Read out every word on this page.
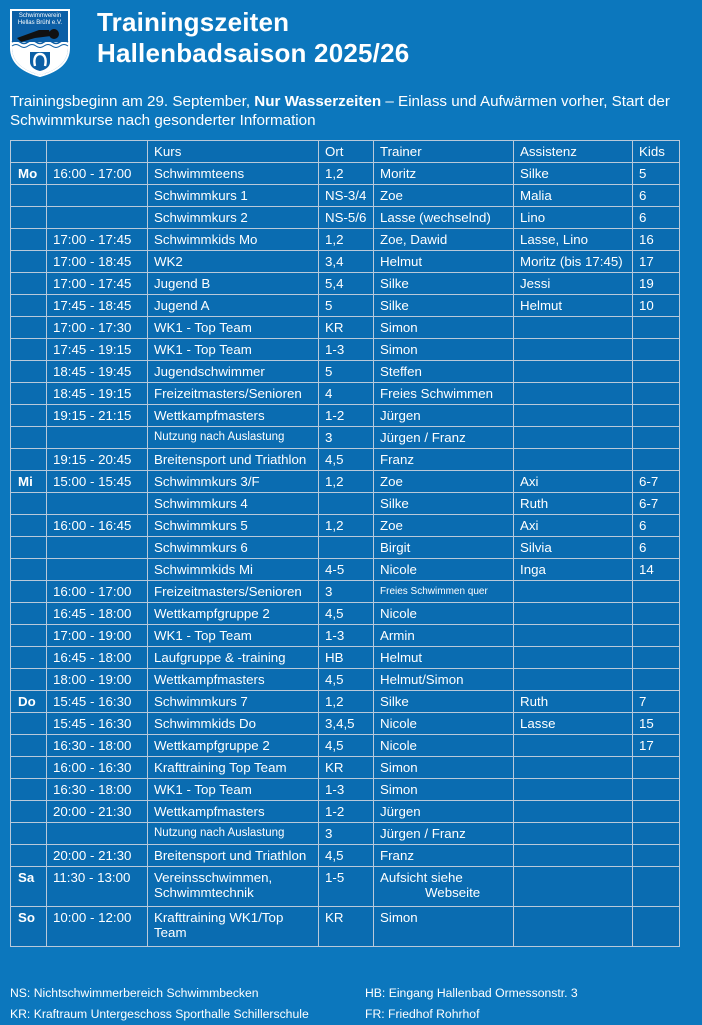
Schwimmverein
Hellas Brühl e.V. Trainingszeiten
Hallenbadsaison 2025/26
Trainingsbeginn am 29. September, Nur Wasserzeiten – Einlass und Aufwärmen vorher, Start der Schwimmkurse nach gesonderter Information
		Kurs	Ort	Trainer	Assistenz	Kids
Mo	16:00 - 17:00	Schwimmteens	1,2	Moritz	Silke	5
		Schwimmkurs 1	NS-3/4	Zoe	Malia	6
		Schwimmkurs 2	NS-5/6	Lasse (wechselnd)	Lino	6
	17:00 - 17:45	Schwimmkids Mo	1,2	Zoe, Dawid	Lasse, Lino	16
	17:00 - 18:45	WK2	3,4	Helmut	Moritz (bis 17:45)	17
	17:00 - 17:45	Jugend B	5,4	Silke	Jessi	19
	17:45 - 18:45	Jugend A	5	Silke	Helmut	10
	17:00 - 17:30	WK1 - Top Team	KR	Simon		
	17:45 - 19:15	WK1 - Top Team	1-3	Simon		
	18:45 - 19:45	Jugendschwimmer	5	Steffen		
	18:45 - 19:15	Freizeitmasters/Senioren	4	Freies Schwimmen		
	19:15 - 21:15	Wettkampfmasters	1-2	Jürgen		
		Nutzung nach Auslastung	3	Jürgen / Franz		
	19:15 - 20:45	Breitensport und Triathlon	4,5	Franz		
Mi	15:00 - 15:45	Schwimmkurs 3/F	1,2	Zoe	Axi	6-7
		Schwimmkurs 4		Silke	Ruth	6-7
	16:00 - 16:45	Schwimmkurs 5	1,2	Zoe	Axi	6
		Schwimmkurs 6		Birgit	Silvia	6
		Schwimmkids Mi	4-5	Nicole	Inga	14
	16:00 - 17:00	Freizeitmasters/Senioren	3	Freies Schwimmen quer		
	16:45 - 18:00	Wettkampfgruppe 2	4,5	Nicole		
	17:00 - 19:00	WK1 - Top Team	1-3	Armin		
	16:45 - 18:00	Laufgruppe & -training	HB	Helmut		
	18:00 - 19:00	Wettkampfmasters	4,5	Helmut/Simon		
Do	15:45 - 16:30	Schwimmkurs 7	1,2	Silke	Ruth	7
	15:45 - 16:30	Schwimmkids Do	3,4,5	Nicole	Lasse	15
	16:30 - 18:00	Wettkampfgruppe 2	4,5	Nicole		17
	16:00 - 16:30	Krafttraining Top Team	KR	Simon		
	16:30 - 18:00	WK1 - Top Team	1-3	Simon		
	20:00 - 21:30	Wettkampfmasters	1-2	Jürgen		
		Nutzung nach Auslastung	3	Jürgen / Franz		
	20:00 - 21:30	Breitensport und Triathlon	4,5	Franz		
Sa	11:30 - 13:00	Vereinsschwimmen, Schwimmtechnik	1-5	Aufsicht siehe
Webseite		
So	10:00 - 12:00	Krafttraining WK1/Top Team	KR	Simon		
NS: Nichtschwimmerbereich Schwimmbecken
KR: Kraftraum Untergeschoss Sporthalle Schillerschule
HB: Eingang Hallenbad Ormessonstr. 3
FR: Friedhof Rohrhof
